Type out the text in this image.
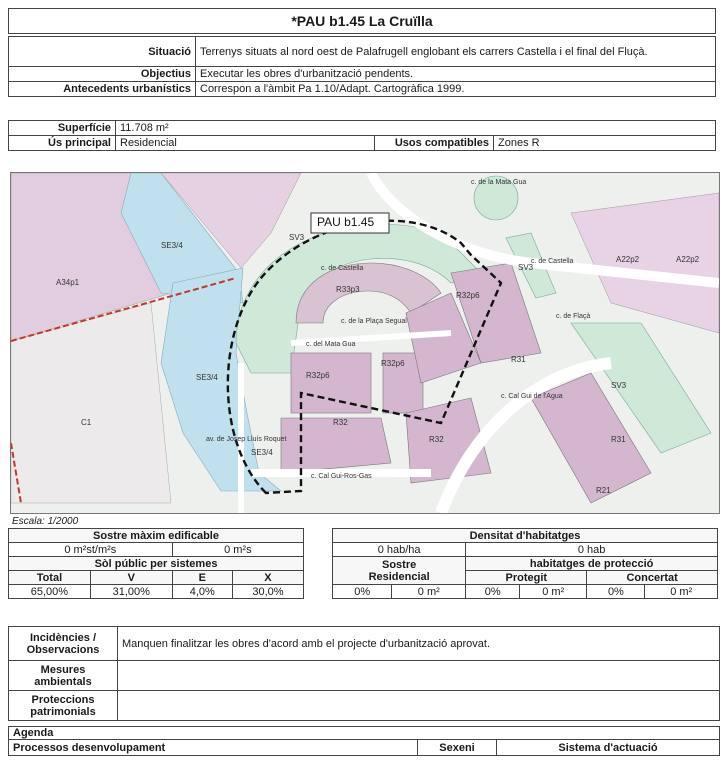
*PAU b1.45 La Cruïlla
Situació	Terrenys situats al nord oest de Palafrugell englobant els carrers Castella i el final del Fluçà.
Objectius	Executar les obres d'urbanització pendents.
Antecedents urbanístics	Correspon a l'àmbit Pa 1.10/Adapt. Cartogràfica 1999.
Superfície	11.708 m²		
Ús principal	Residencial	Usos compatibles	Zones R
PAU b1.45
A34p1
SE3/4
SE3/4
SE3/4
C1
SV3
SV3
SV3
A22p2	A22p2
R33p3
R32p6
R32p6
R32p6
R31
R31
R32
R32
R21
c. de la Mata Gua
c. de Castella
c. de la Plaça Segual
c. del Mata Gua
c. Cal Gui de l'Agua
c. de Castella
c. de Flaçà
c. Cal Gui-Ros-Gas
av. de Josep Lluís Roquet
Escala: 1/2000
Sostre màxim edificable			
0 m²st/m²s		0 m²s	
Sòl públic per sistemes			
Total	V	E	X
65,00%	31,00%	4,0%	30,0%
Densitat d'habitatges					
0 hab/ha		0 hab			
Sostre
Residencial		habitatges de protecció			
		Protegit		Concertat	
0%	0 m²	0%	0 m²	0%	0 m²
Incidències / Observacions	Manquen finalitzar les obres d'acord amb el projecte d'urbanització aprovat.
Mesures ambientals	
Proteccions patrimonials	
Agenda
Processos desenvolupament	Sexeni	Sistema d'actuació
